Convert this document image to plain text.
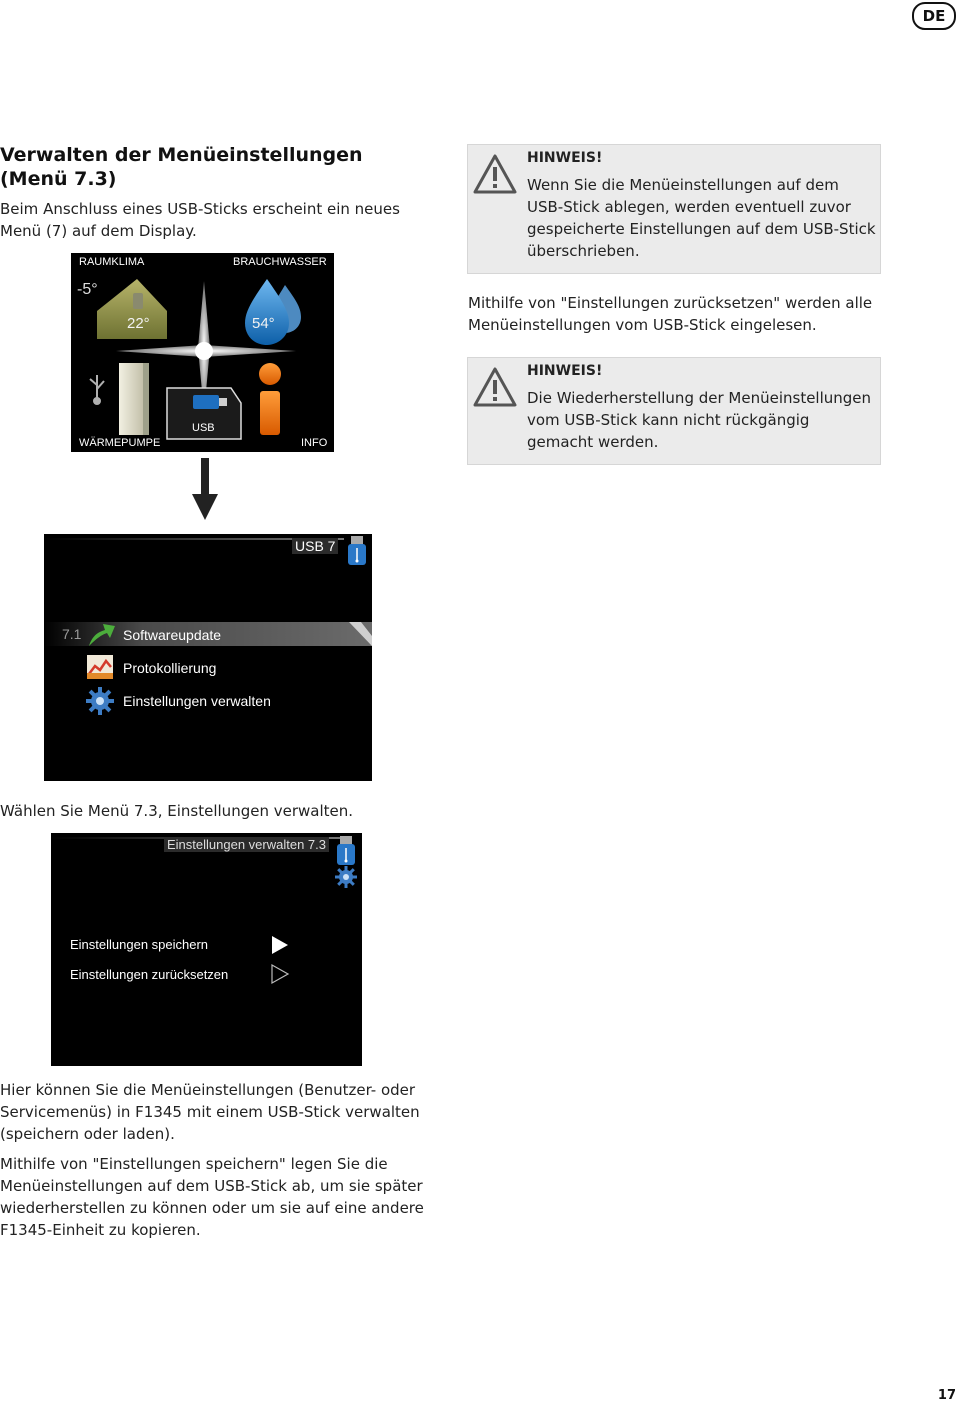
DE
Verwalten der Menüeinstellungen (Menü 7.3)
Beim Anschluss eines USB-Sticks erscheint ein neues Menü (7) auf dem Display.
RAUMKLIMA	BRAUCHWASSER
-5°
22°	54°
USB
WÄRMEPUMPE	INFO
USB 7
7.1	Softwareupdate
Protokollierung
Einstellungen verwalten
Wählen Sie Menü 7.3, Einstellungen verwalten.
Einstellungen verwalten 7.3
Einstellungen speichern
Einstellungen zurücksetzen
Hier können Sie die Menüeinstellungen (Benutzer- oder Servicemenüs) in F1345 mit einem USB-Stick verwalten (speichern oder laden).
Mithilfe von "Einstellungen speichern" legen Sie die Menüeinstellungen auf dem USB-Stick ab, um sie später wiederherstellen zu können oder um sie auf eine andere F1345-Einheit zu kopieren.
HINWEIS!
Wenn Sie die Menüeinstellungen auf dem USB-Stick ablegen, werden eventuell zuvor gespeicherte Einstellungen auf dem USB-Stick überschrieben.
Mithilfe von "Einstellungen zurücksetzen" werden alle Menüeinstellungen vom USB-Stick eingelesen.
HINWEIS!
Die Wiederherstellung der Menüeinstellungen vom USB-Stick kann nicht rückgängig gemacht werden.
17
